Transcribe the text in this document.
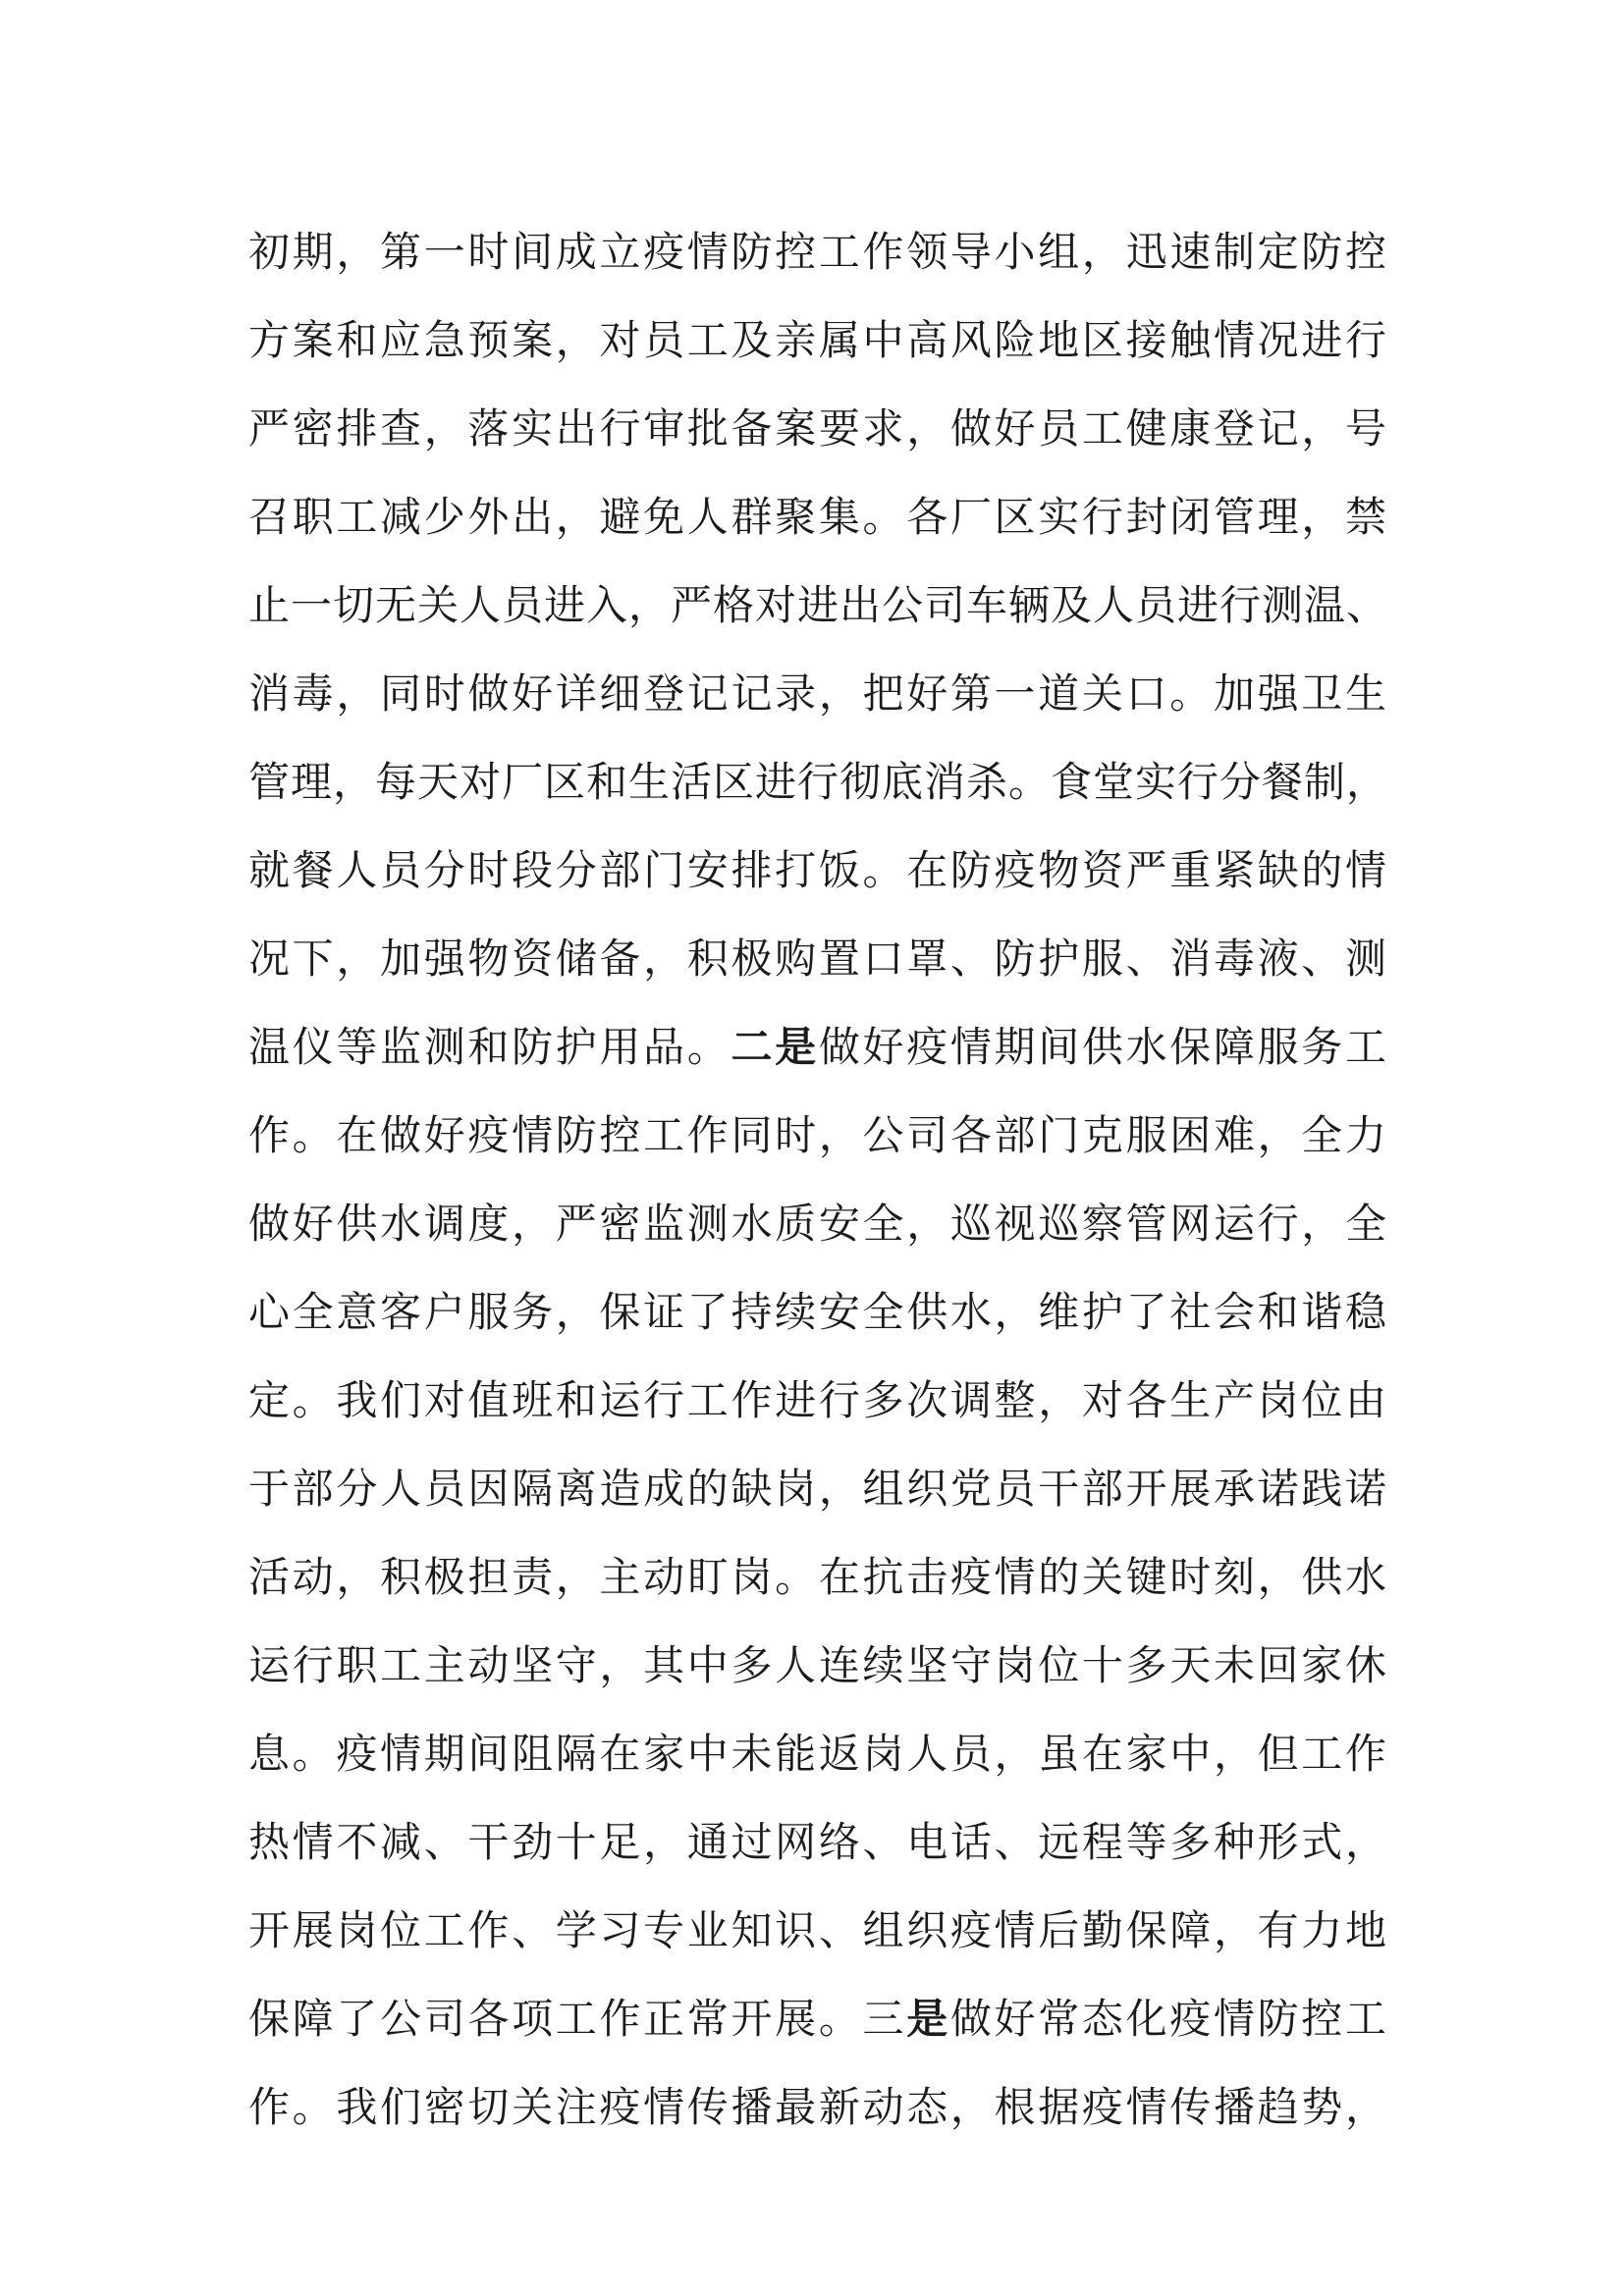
初期，第一时间成立疫情防控工作领导小组，迅速制定防控
方案和应急预案，对员工及亲属中高风险地区接触情况进行
严密排查，落实出行审批备案要求，做好员工健康登记，号
召职工减少外出，避免人群聚集。各厂区实行封闭管理，禁
止一切无关人员进入，严格对进出公司车辆及人员进行测温、
消毒，同时做好详细登记记录，把好第一道关口。加强卫生
管理，每天对厂区和生活区进行彻底消杀。食堂实行分餐制，
就餐人员分时段分部门安排打饭。在防疫物资严重紧缺的情
况下，加强物资储备，积极购置口罩、防护服、消毒液、测
温仪等监测和防护用品。二是做好疫情期间供水保障服务工
作。在做好疫情防控工作同时，公司各部门克服困难，全力
做好供水调度，严密监测水质安全，巡视巡察管网运行，全
心全意客户服务，保证了持续安全供水，维护了社会和谐稳
定。我们对值班和运行工作进行多次调整，对各生产岗位由
于部分人员因隔离造成的缺岗，组织党员干部开展承诺践诺
活动，积极担责，主动盯岗。在抗击疫情的关键时刻，供水
运行职工主动坚守，其中多人连续坚守岗位十多天未回家休
息。疫情期间阻隔在家中未能返岗人员，虽在家中，但工作
热情不减、干劲十足，通过网络、电话、远程等多种形式，
开展岗位工作、学习专业知识、组织疫情后勤保障，有力地
保障了公司各项工作正常开展。三是做好常态化疫情防控工
作。我们密切关注疫情传播最新动态，根据疫情传播趋势，
